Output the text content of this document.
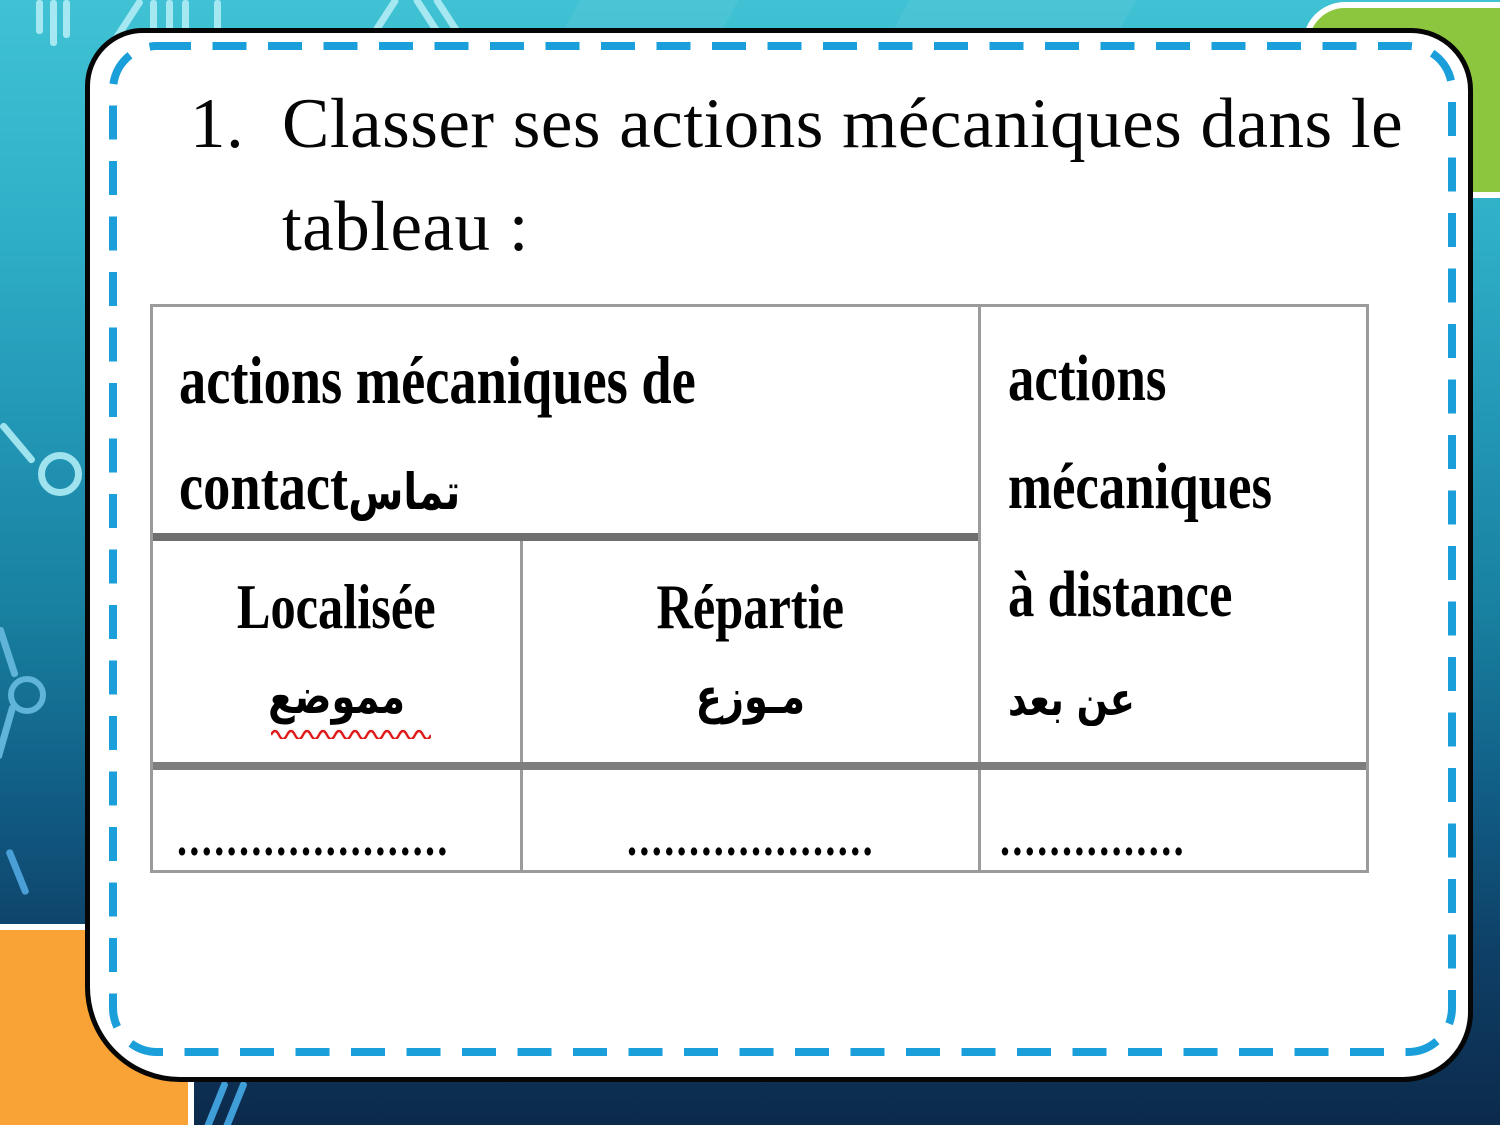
1. Classer ses actions mécaniques dans le
tableau :
actions mécaniques de
contactتماس
actions
mécaniques
à distance
عن بعد
Localisée
مموضع
Répartie
مـوزع
......................	....................	...............
